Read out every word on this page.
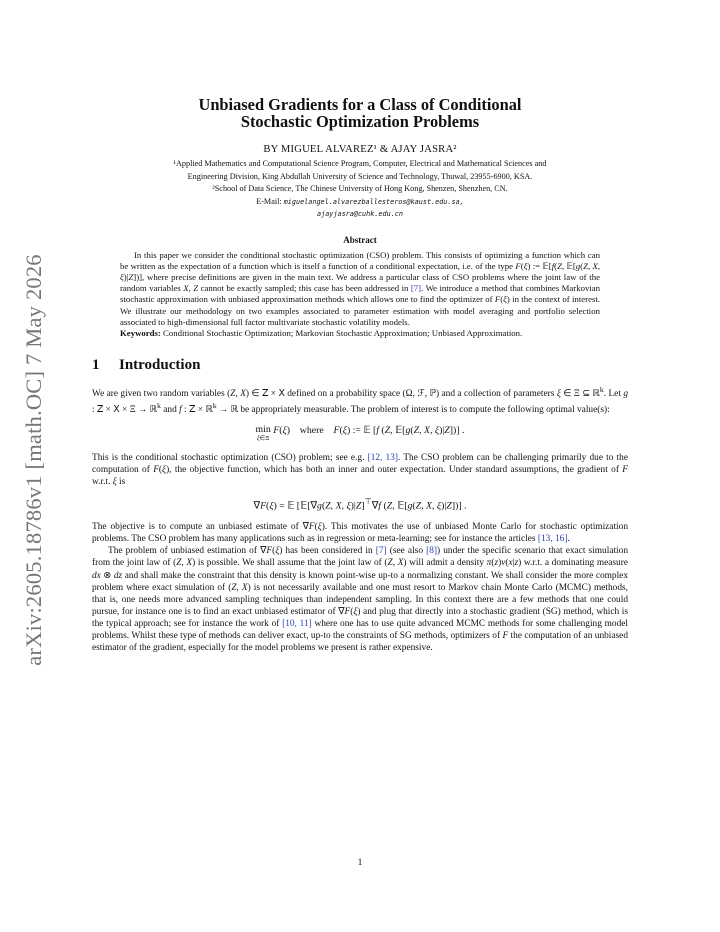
arXiv:2605.18786v1 [math.OC] 7 May 2026
Unbiased Gradients for a Class of Conditional
Stochastic Optimization Problems
BY MIGUEL ALVAREZ¹ & AJAY JASRA²
¹Applied Mathematics and Computational Science Program, Computer, Electrical and Mathematical Sciences and
Engineering Division, King Abdullah University of Science and Technology, Thuwal, 23955-6900, KSA.
²School of Data Science, The Chinese University of Hong Kong, Shenzen, Shenzhen, CN.
E-Mail: miguelangel.alvarezballesteros@kaust.edu.sa,
ajayjasra@cuhk.edu.cn
Abstract

In this paper we consider the conditional stochastic optimization (CSO) problem. This consists of optimizing a function which can be written as the expectation of a function which is itself a function of a conditional expectation, i.e. of the type F(ξ) := 𝔼[f(Z, 𝔼[g(Z, X, ξ)|Z])], where precise definitions are given in the main text. We address a particular class of CSO problems where the joint law of the random variables X, Z cannot be exactly sampled; this case has been addressed in [7]. We introduce a method that combines Markovian stochastic approximation with unbiased approximation methods which allows one to find the optimizer of F(ξ) in the context of interest. We illustrate our methodology on two examples associated to parameter estimation with model averaging and portfolio selection associated to high-dimensional full factor multivariate stochastic volatility models.

Keywords: Conditional Stochastic Optimization; Markovian Stochastic Approximation; Unbiased Approximation.
1 Introduction

We are given two random variables (Z, X) ∈ 𝖹 × 𝖷 defined on a probability space (Ω, ℱ, ℙ) and a collection of parameters ξ ∈ Ξ ⊆ ℝ$^k$. Let g : 𝖹 × 𝖷 × Ξ → ℝ$^k$ and f : 𝖹 × ℝ$^k$ → ℝ be appropriately measurable. The problem of interest is to compute the following optimal value(s):

min
ξ∈Ξ
F(ξ)    where    F(ξ) := 𝔼 [f (Z, 𝔼[g(Z, X, ξ)|Z])] .

This is the conditional stochastic optimization (CSO) problem; see e.g. [12, 13]. The CSO problem can be challenging primarily due to the computation of F(ξ), the objective function, which has both an inner and outer expectation. Under standard assumptions, the gradient of F w.r.t. ξ is

∇F(ξ) = 𝔼 [𝔼[∇g(Z, X, ξ)|Z]⊤∇f (Z, 𝔼[g(Z, X, ξ)|Z])] .

The objective is to compute an unbiased estimate of ∇F(ξ). This motivates the use of unbiased Monte Carlo for stochastic optimization problems. The CSO problem has many applications such as in regression or meta-learning; see for instance the articles [13, 16].

The problem of unbiased estimation of ∇F(ξ) has been considered in [7] (see also [8]) under the specific scenario that exact simulation from the joint law of (Z, X) is possible. We shall assume that the joint law of (Z, X) will admit a density π(z)ν(x|z) w.r.t. a dominating measure dx ⊗ dz and shall make the constraint that this density is known point-wise up-to a normalizing constant. We shall consider the more complex problem where exact simulation of (Z, X) is not necessarily available and one must resort to Markov chain Monte Carlo (MCMC) methods, that is, one needs more advanced sampling techniques than independent sampling. In this context there are a few methods that one could pursue, for instance one is to find an exact unbiased estimator of ∇F(ξ) and plug that directly into a stochastic gradient (SG) method, which is the typical approach; see for instance the work of [10, 11] where one has to use quite advanced MCMC methods for some challenging model problems. Whilst these type of methods can deliver exact, up-to the constraints of SG methods, optimizers of F the computation of an unbiased estimator of the gradient, especially for the model problems we present is rather expensive.

1
